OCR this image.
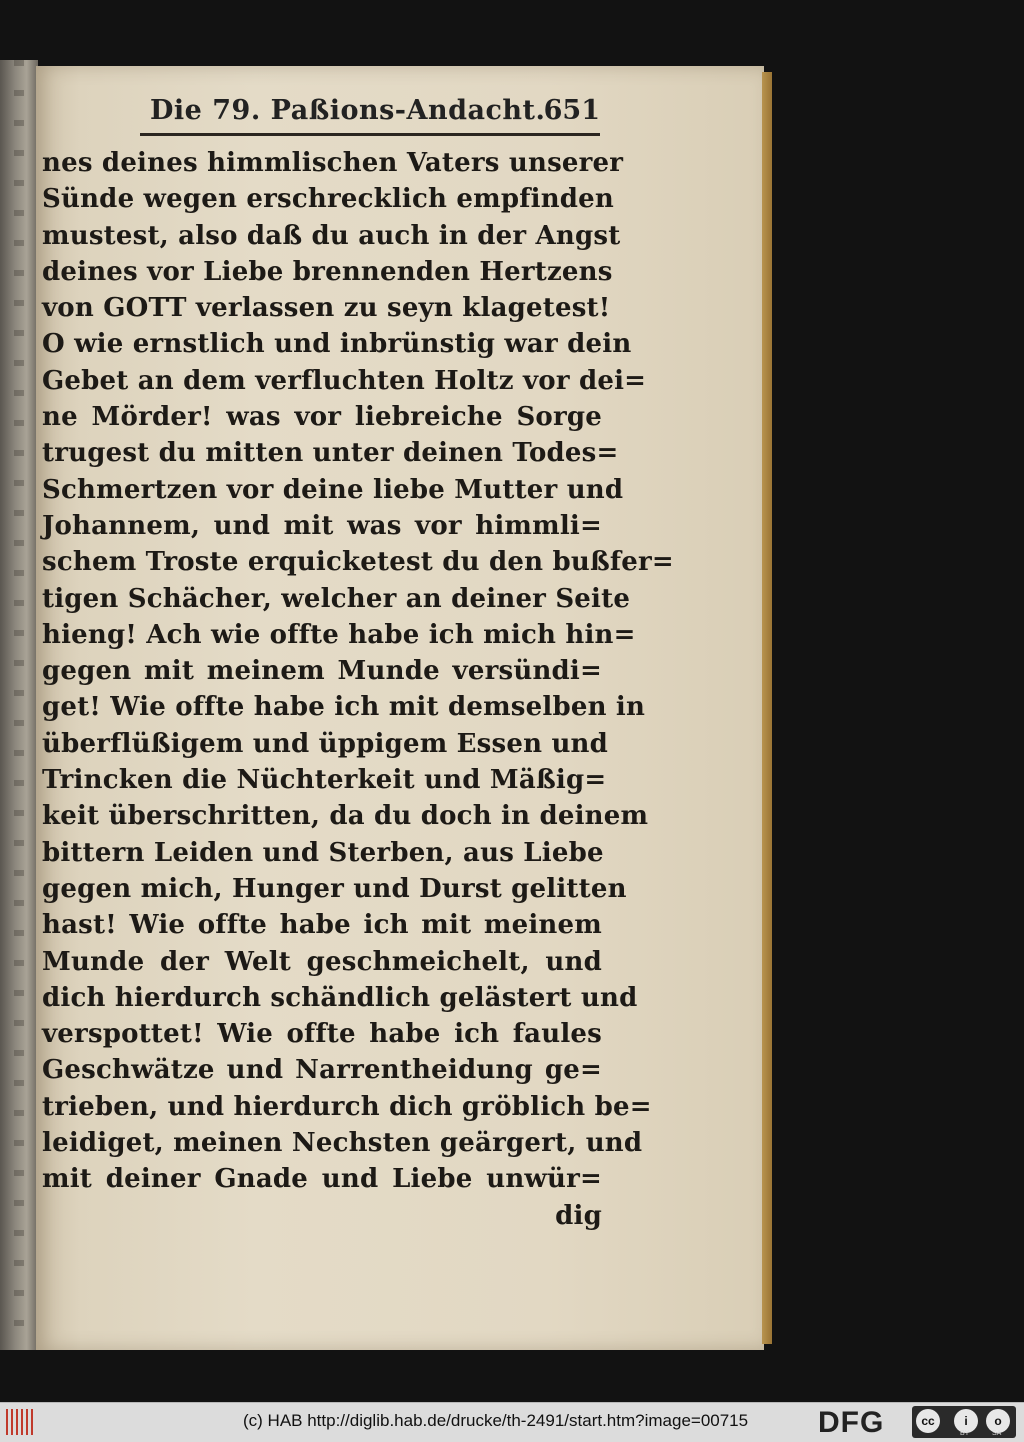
Die 79. Paßions-Andacht.
651
nes deines himmlischen Vaters unserer
Sünde wegen erschrecklich empfinden
mustest, also daß du auch in der Angst
deines vor Liebe brennenden Hertzens
von GOTT verlassen zu seyn klagetest!
O wie ernstlich und inbrünstig war dein
Gebet an dem verfluchten Holtz vor dei=
ne Mörder! was vor liebreiche Sorge
trugest du mitten unter deinen Todes=
Schmertzen vor deine liebe Mutter und
Johannem, und mit was vor himmli=
schem Troste erquicketest du den bußfer=
tigen Schächer, welcher an deiner Seite
hieng! Ach wie offte habe ich mich hin=
gegen mit meinem Munde versündi=
get! Wie offte habe ich mit demselben in
überflüßigem und üppigem Essen und
Trincken die Nüchterkeit und Mäßig=
keit überschritten, da du doch in deinem
bittern Leiden und Sterben, aus Liebe
gegen mich, Hunger und Durst gelitten
hast! Wie offte habe ich mit meinem
Munde der Welt geschmeichelt, und
dich hierdurch schändlich gelästert und
verspottet! Wie offte habe ich faules
Geschwätze und Narrentheidung ge=
trieben, und hierdurch dich gröblich be=
leidiget, meinen Nechsten geärgert, und
mit deiner Gnade und Liebe unwür=
dig
(c) HAB http://diglib.hab.de/drucke/th-2491/start.htm?image=00715 DFG	cc	i	o
BY	SA
